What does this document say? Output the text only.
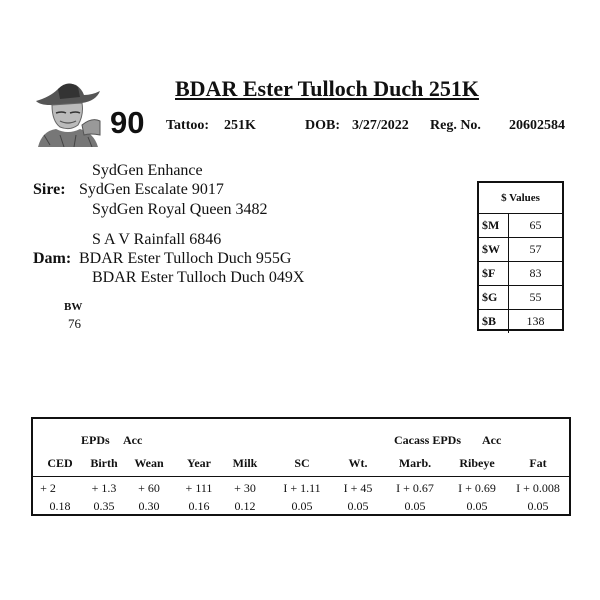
BDAR Ester Tulloch Duch 251K
90 Tattoo: 251K	DOB: 3/27/2022 Reg. No. 20602584
SydGen Enhance
Sire: SydGen Escalate 9017
SydGen Royal Queen 3482
S A V Rainfall 6846
Dam: BDAR Ester Tulloch Duch 955G
BDAR Ester Tulloch Duch 049X
BW
76
$ Values
$M	65
$W	57
$F	83
$G	55
$B	138
EPDs Acc	Cacass EPDs Acc
CED	Birth	Wean	Year	Milk	SC	Wt.	Marb.	Ribeye	Fat
+ 2	+ 1.3	+ 60	+ 111	+ 30	I + 1.11	I + 45	I + 0.67	I + 0.69	I + 0.008
0.18	0.35	0.30	0.16	0.12	0.05	0.05	0.05	0.05	0.05
